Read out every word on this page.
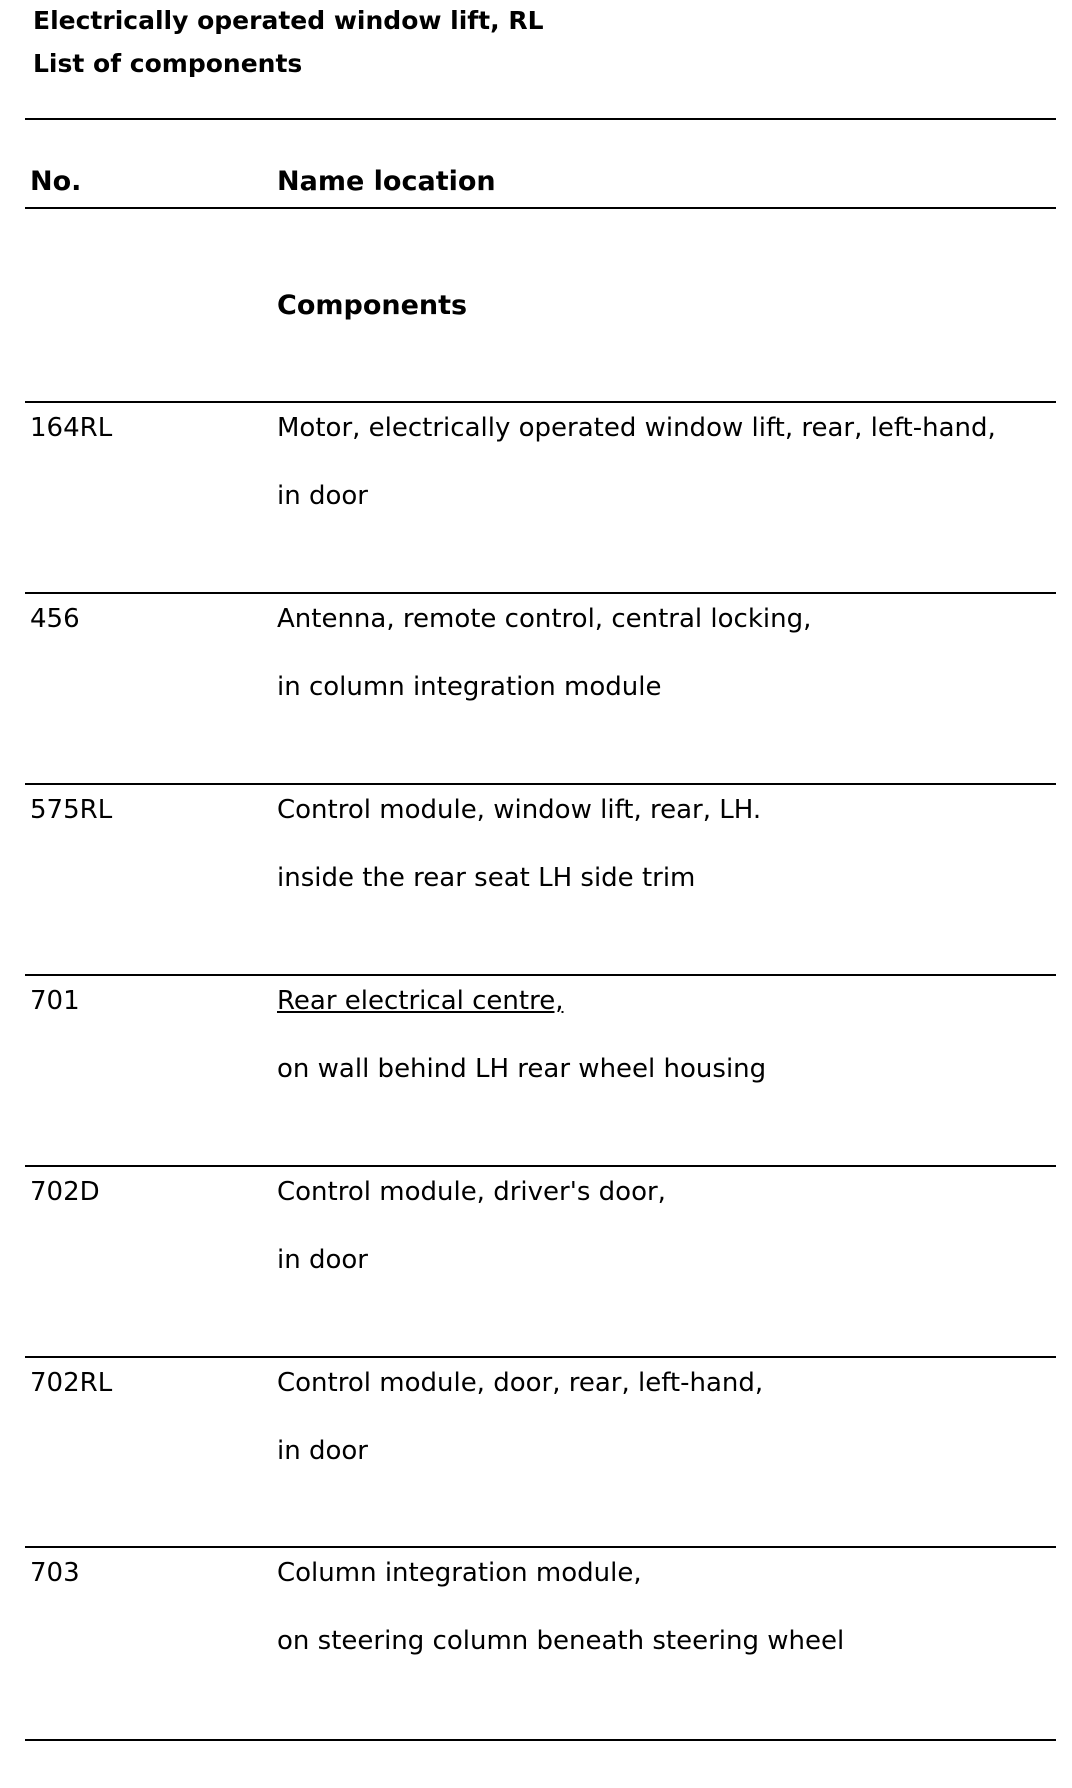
Electrically operated window lift, RL
List of components
No.	Name location
Components
164RL	Motor, electrically operated window lift, rear, left-hand,
in door
456	Antenna, remote control, central locking,
in column integration module
575RL	Control module, window lift, rear, LH.
inside the rear seat LH side trim
701	Rear electrical centre,
on wall behind LH rear wheel housing
702D	Control module, driver's door,
in door
702RL	Control module, door, rear, left-hand,
in door
703	Column integration module,
on steering column beneath steering wheel
